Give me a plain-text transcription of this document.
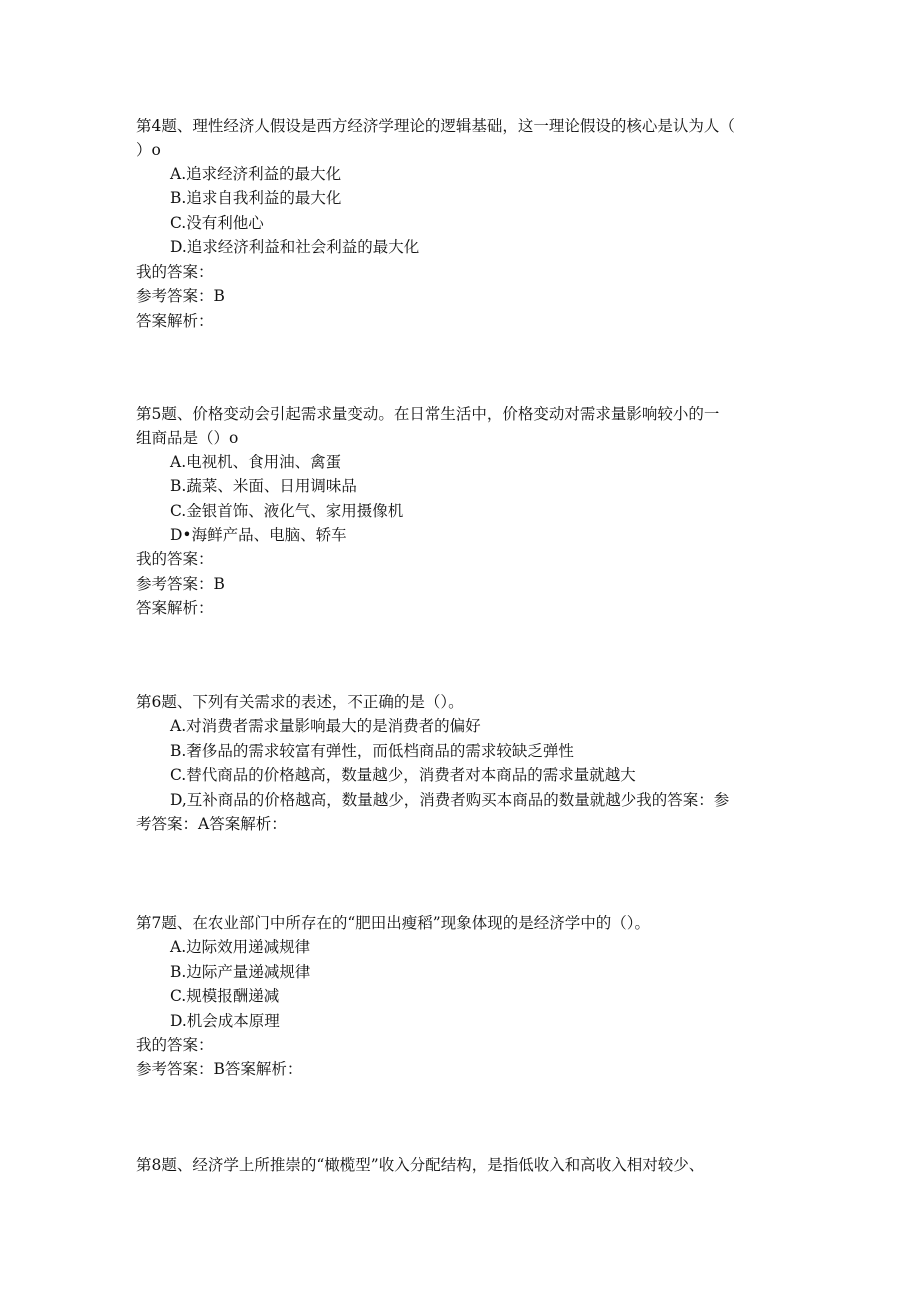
第4题、理性经济人假设是西方经济学理论的逻辑基础，这一理论假设的核心是认为人（
）o
A.追求经济利益的最大化
B.追求自我利益的最大化
C.没有利他心
D.追求经济利益和社会利益的最大化
我的答案：
参考答案：B
答案解析：
第5题、价格变动会引起需求量变动。在日常生活中，价格变动对需求量影响较小的一
组商品是（）o
A.电视机、食用油、禽蛋
B.蔬菜、米面、日用调味品
C.金银首饰、液化气、家用摄像机
D•海鲜产品、电脑、轿车
我的答案：
参考答案：B
答案解析：
第6题、下列有关需求的表述，不正确的是（）。
A.对消费者需求量影响最大的是消费者的偏好
B.奢侈品的需求较富有弹性，而低档商品的需求较缺乏弹性
C.替代商品的价格越高，数量越少，消费者对本商品的需求量就越大
D,互补商品的价格越高，数量越少，消费者购买本商品的数量就越少我的答案：参
考答案：A答案解析：
第7题、在农业部门中所存在的“肥田出瘦稻”现象体现的是经济学中的（）。
A.边际效用递减规律
B.边际产量递减规律
C.规模报酬递减
D.机会成本原理
我的答案：
参考答案：B答案解析：
第8题、经济学上所推崇的“橄榄型”收入分配结构，是指低收入和高收入相对较少、
